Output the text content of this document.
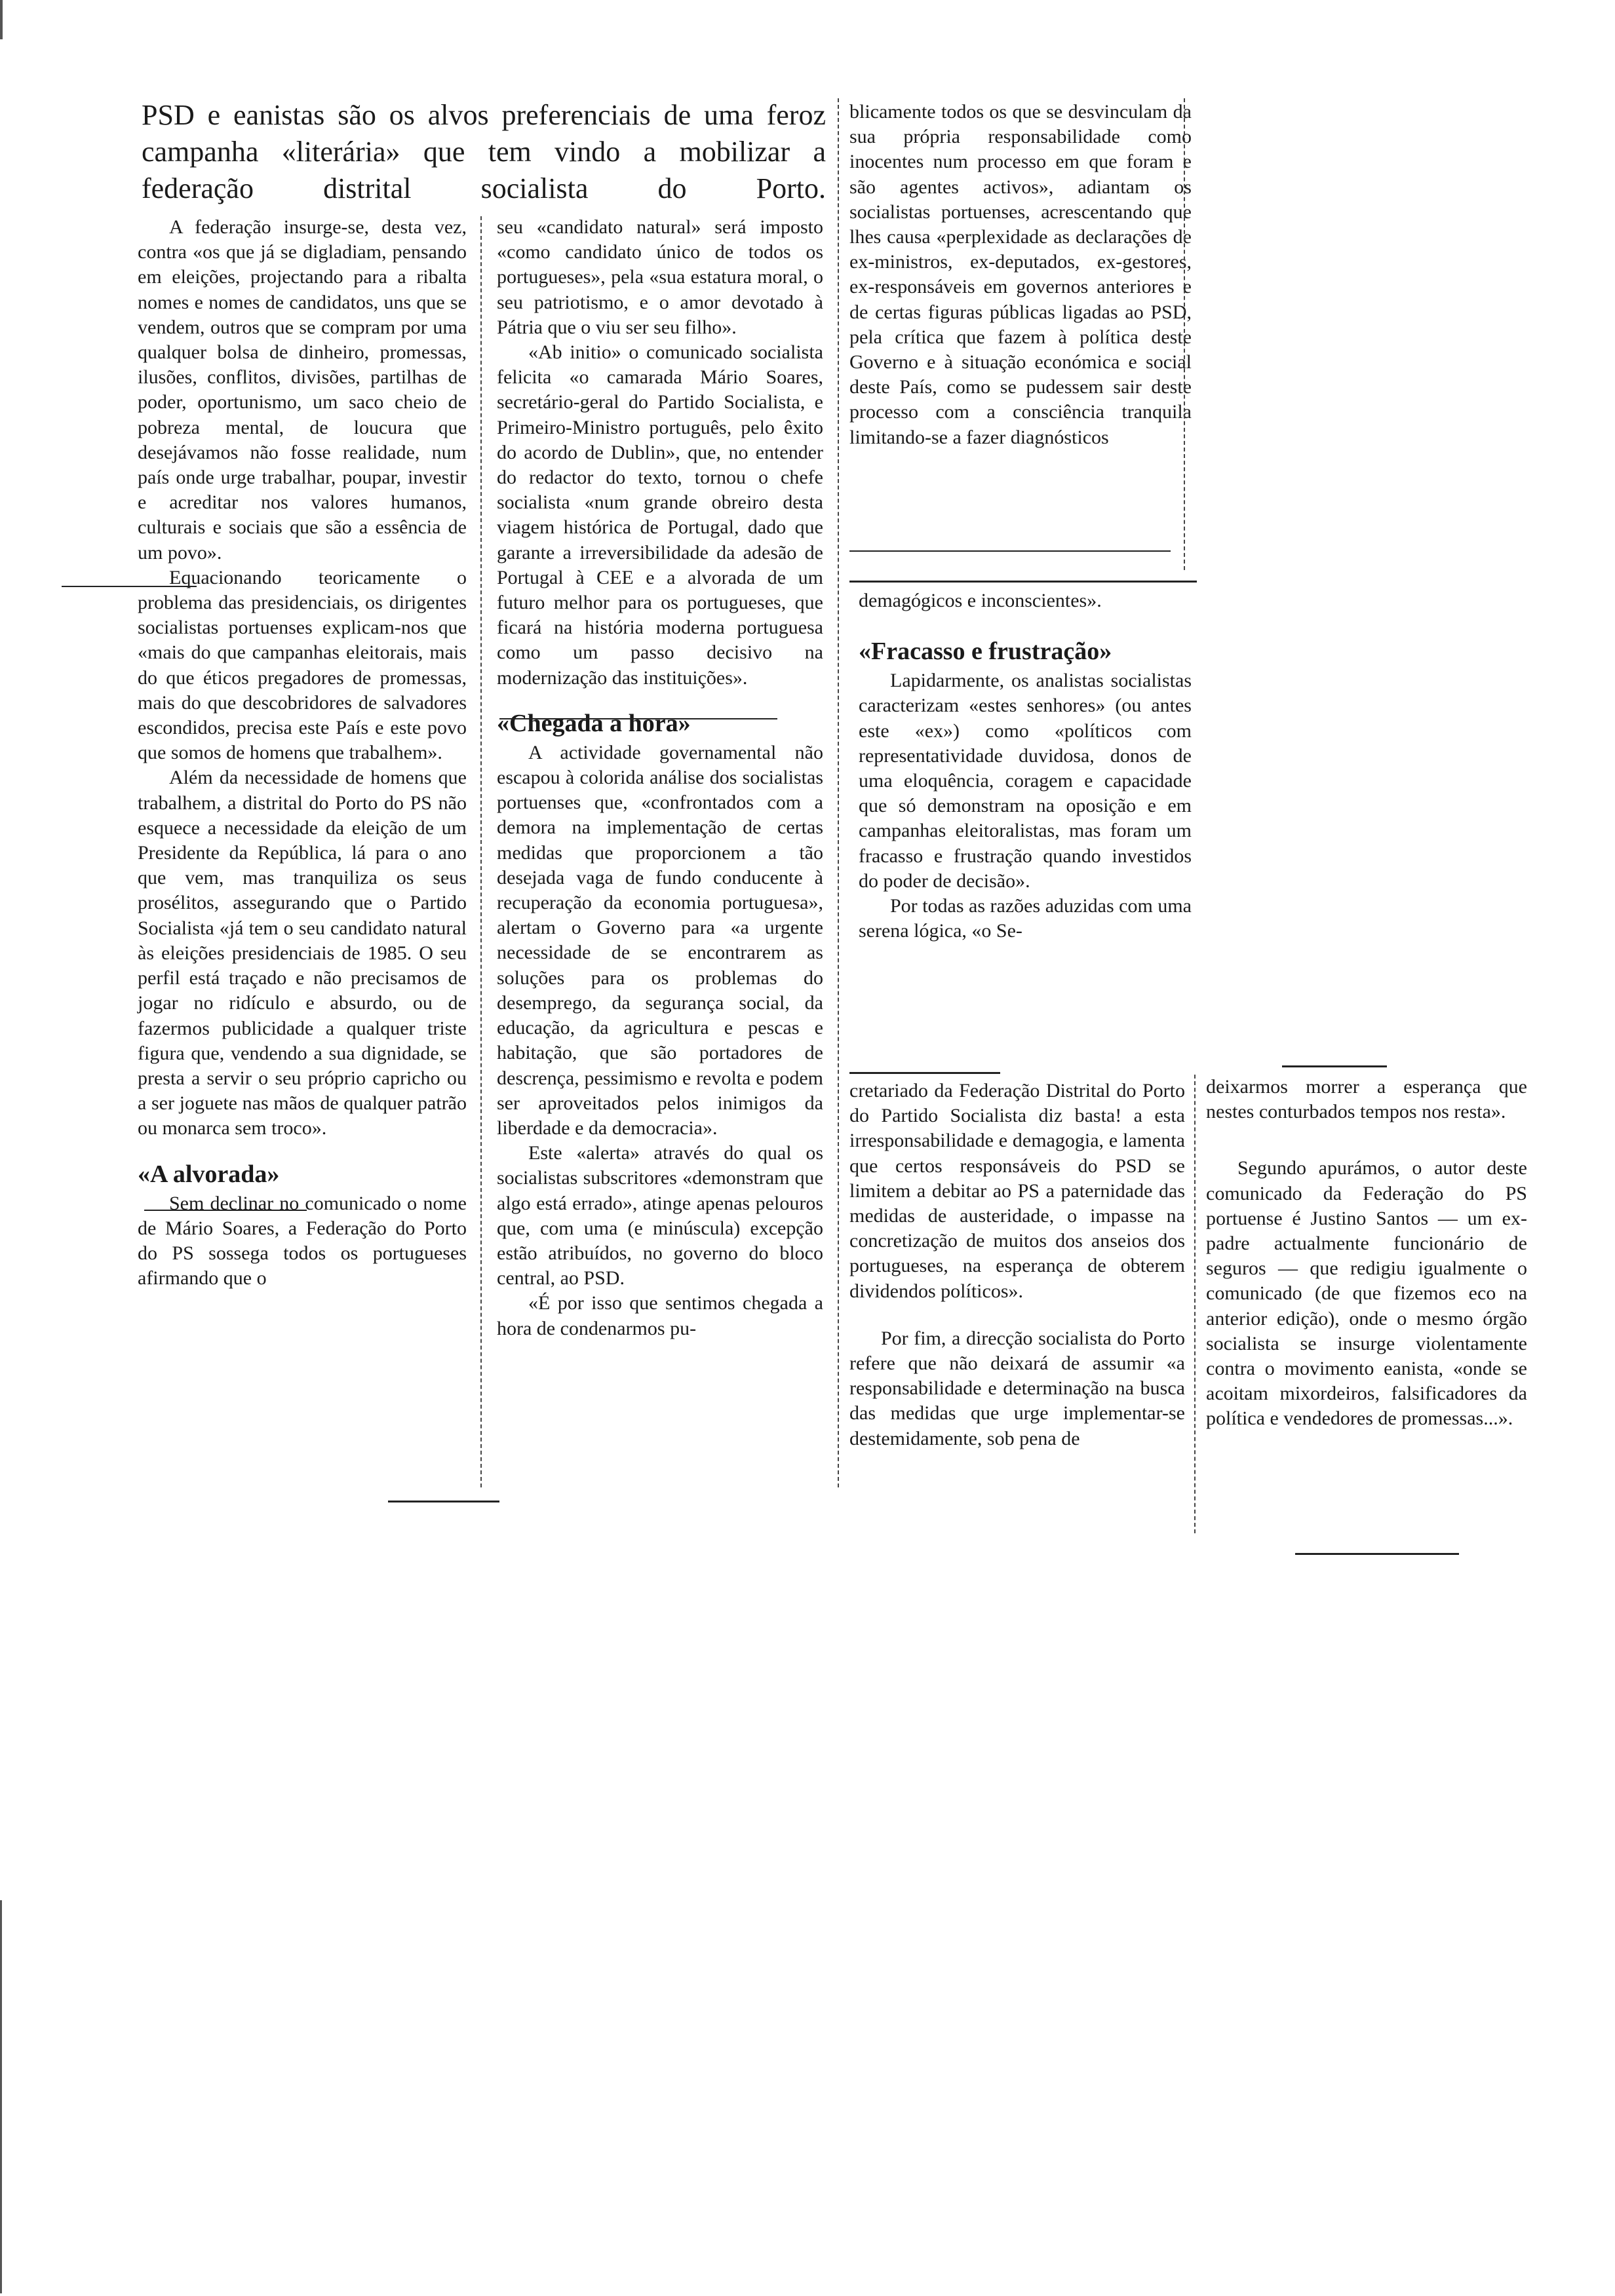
PSD e eanistas são os alvos preferenciais de uma feroz campanha «literária» que tem vindo a mobilizar a federação distrital socialista do Porto.

A federação insurge-se, desta vez, contra «os que já se digladiam, pensando em eleições, projectando para a ribalta nomes e nomes de candidatos, uns que se vendem, outros que se compram por uma qualquer bolsa de dinheiro, promessas, ilusões, conflitos, divisões, partilhas de poder, oportunismo, um saco cheio de pobreza mental, de loucura que desejávamos não fosse realidade, num país onde urge trabalhar, poupar, investir e acreditar nos valores humanos, culturais e sociais que são a essência de um povo».

Equacionando teoricamente o problema das presidenciais, os dirigentes socialistas portuenses explicam-nos que «mais do que campanhas eleitorais, mais do que éticos pregadores de promessas, mais do que descobridores de salvadores escondidos, precisa este País e este povo que somos de homens que trabalhem».

Além da necessidade de homens que trabalhem, a distrital do Porto do PS não esquece a necessidade da eleição de um Presidente da República, lá para o ano que vem, mas tranquiliza os seus prosélitos, assegurando que o Partido Socialista «já tem o seu candidato natural às eleições presidenciais de 1985. O seu perfil está traçado e não precisamos de jogar no ridículo e absurdo, ou de fazermos publicidade a qualquer triste figura que, vendendo a sua dignidade, se presta a servir o seu próprio capricho ou a ser joguete nas mãos de qualquer patrão ou monarca sem troco».

«A alvorada»

Sem declinar no comunicado o nome de Mário Soares, a Federação do Porto do PS sossega todos os portugueses afirmando que o

seu «candidato natural» será imposto «como candidato único de todos os portugueses», pela «sua estatura moral, o seu patriotismo, e o amor devotado à Pátria que o viu ser seu filho».

«Ab initio» o comunicado socialista felicita «o camarada Mário Soares, secretário-geral do Partido Socialista, e Primeiro-Ministro português, pelo êxito do acordo de Dublin», que, no entender do redactor do texto, tornou o chefe socialista «num grande obreiro desta viagem histórica de Portugal, dado que garante a irreversibilidade da adesão de Portugal à CEE e a alvorada de um futuro melhor para os portugueses, que ficará na história moderna portuguesa como um passo decisivo na modernização das instituições».

«Chegada a hora»

A actividade governamental não escapou à colorida análise dos socialistas portuenses que, «confrontados com a demora na implementação de certas medidas que proporcionem a tão desejada vaga de fundo conducente à recuperação da economia portuguesa», alertam o Governo para «a urgente necessidade de se encontrarem as soluções para os problemas do desemprego, da segurança social, da educação, da agricultura e pescas e habitação, que são portadores de descrença, pessimismo e revolta e podem ser aproveitados pelos inimigos da liberdade e da democracia».

Este «alerta» através do qual os socialistas subscritores «demonstram que algo está errado», atinge apenas pelouros que, com uma (e minúscula) excepção estão atribuídos, no governo do bloco central, ao PSD.

«É por isso que sentimos chegada a hora de condenarmos pu-

blicamente todos os que se desvinculam da sua própria responsabilidade como inocentes num processo em que foram e são agentes activos», adiantam os socialistas portuenses, acrescentando que lhes causa «perplexidade as declarações de ex-ministros, ex-deputados, ex-gestores, ex-responsáveis em governos anteriores e de certas figuras públicas ligadas ao PSD, pela crítica que fazem à política deste Governo e à situação económica e social deste País, como se pudessem sair deste processo com a consciência tranquila limitando-se a fazer diagnósticos

demagógicos e inconscientes».

«Fracasso e frustração»

Lapidarmente, os analistas socialistas caracterizam «estes senhores» (ou antes este «ex») como «políticos com representatividade duvidosa, donos de uma eloquência, coragem e capacidade que só demonstram na oposição e em campanhas eleitoralistas, mas foram um fracasso e frustração quando investidos do poder de decisão».

Por todas as razões aduzidas com uma serena lógica, «o Se-

cretariado da Federação Distrital do Porto do Partido Socialista diz basta! a esta irresponsabilidade e demagogia, e lamenta que certos responsáveis do PSD se limitem a debitar ao PS a paternidade das medidas de austeridade, o impasse na concretização de muitos dos anseios dos portugueses, na esperança de obterem dividendos políticos».

Por fim, a direcção socialista do Porto refere que não deixará de assumir «a responsabilidade e determinação na busca das medidas que urge implementar-se destemidamente, sob pena de

deixarmos morrer a esperança que nestes conturbados tempos nos resta».

Segundo apurámos, o autor deste comunicado da Federação do PS portuense é Justino Santos — um ex-padre actualmente funcionário de seguros — que redigiu igualmente o comunicado (de que fizemos eco na anterior edição), onde o mesmo órgão socialista se insurge violentamente contra o movimento eanista, «onde se acoitam mixordeiros, falsificadores da política e vendedores de promessas...».
